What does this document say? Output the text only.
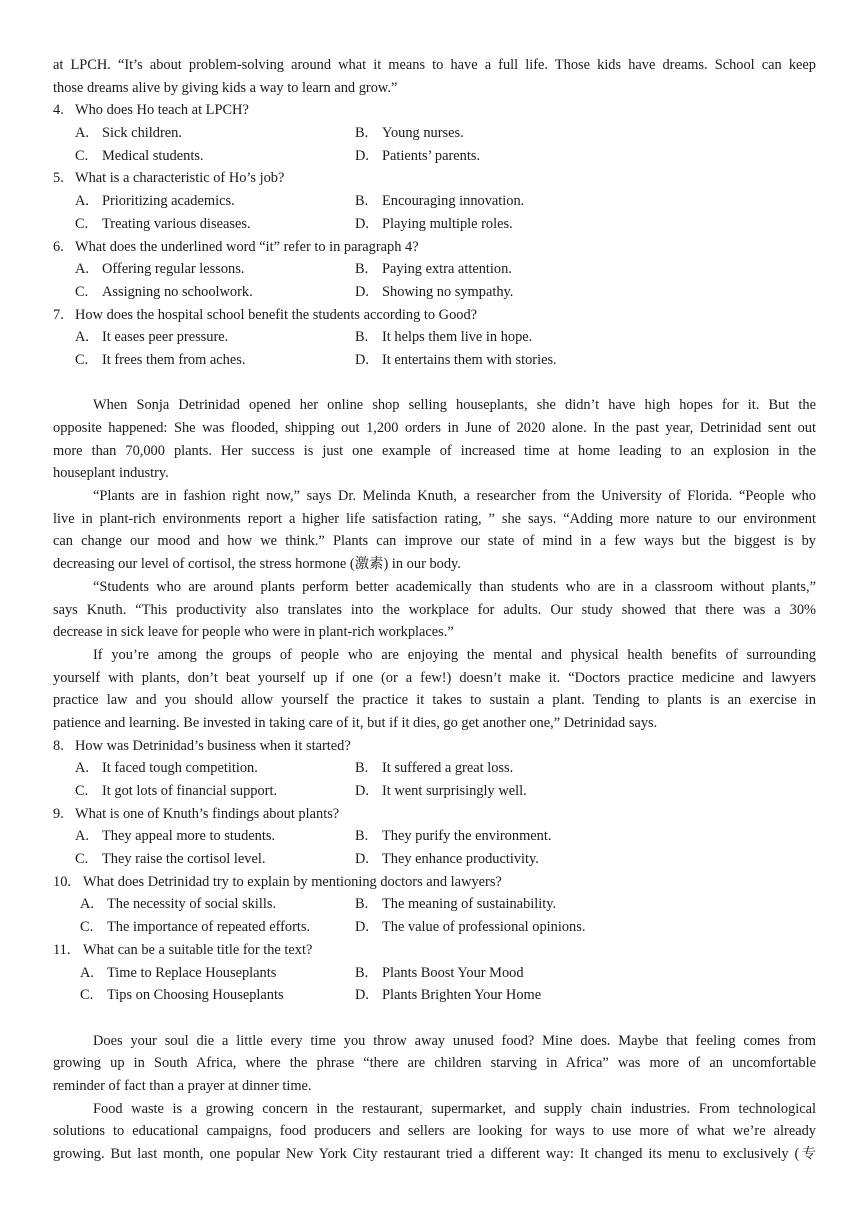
at LPCH. “It’s about problem-solving around what it means to have a full life. Those kids have dreams. School can keep
those dreams alive by giving kids a way to learn and grow.”
4. Who does Ho teach at LPCH?
A. Sick children.	B. Young nurses.
C. Medical students.	D. Patients’ parents.
5. What is a characteristic of Ho’s job?
A. Prioritizing academics.	B. Encouraging innovation.
C. Treating various diseases.	D. Playing multiple roles.
6. What does the underlined word “it” refer to in paragraph 4?
A. Offering regular lessons.	B. Paying extra attention.
C. Assigning no schoolwork.	D. Showing no sympathy.
7. How does the hospital school benefit the students according to Good?
A. It eases peer pressure.	B. It helps them live in hope.
C. It frees them from aches.	D. It entertains them with stories.
When Sonja Detrinidad opened her online shop selling houseplants, she didn’t have high hopes for it. But the
opposite happened: She was flooded, shipping out 1,200 orders in June of 2020 alone. In the past year, Detrinidad sent out
more than 70,000 plants. Her success is just one example of increased time at home leading to an explosion in the
houseplant industry.
“Plants are in fashion right now,” says Dr. Melinda Knuth, a researcher from the University of Florida. “People who
live in plant-rich environments report a higher life satisfaction rating, ” she says. “Adding more nature to our environment
can change our mood and how we think.” Plants can improve our state of mind in a few ways but the biggest is by
decreasing our level of cortisol, the stress hormone (激素) in our body.
“Students who are around plants perform better academically than students who are in a classroom without plants,”
says Knuth. “This productivity also translates into the workplace for adults. Our study showed that there was a 30%
decrease in sick leave for people who were in plant-rich workplaces.”
If you’re among the groups of people who are enjoying the mental and physical health benefits of surrounding
yourself with plants, don’t beat yourself up if one (or a few!) doesn’t make it. “Doctors practice medicine and lawyers
practice law and you should allow yourself the practice it takes to sustain a plant. Tending to plants is an exercise in
patience and learning. Be invested in taking care of it, but if it dies, go get another one,” Detrinidad says.
8. How was Detrinidad’s business when it started?
A. It faced tough competition.	B. It suffered a great loss.
C. It got lots of financial support.	D. It went surprisingly well.
9. What is one of Knuth’s findings about plants?
A. They appeal more to students.	B. They purify the environment.
C. They raise the cortisol level.	D. They enhance productivity.
10. What does Detrinidad try to explain by mentioning doctors and lawyers?
A. The necessity of social skills.	B. The meaning of sustainability.
C. The importance of repeated efforts.	D. The value of professional opinions.
11. What can be a suitable title for the text?
A. Time to Replace Houseplants	B. Plants Boost Your Mood
C. Tips on Choosing Houseplants	D. Plants Brighten Your Home
Does your soul die a little every time you throw away unused food? Mine does. Maybe that feeling comes from
growing up in South Africa, where the phrase “there are children starving in Africa” was more of an uncomfortable
reminder of fact than a prayer at dinner time.
Food waste is a growing concern in the restaurant, supermarket, and supply chain industries. From technological
solutions to educational campaigns, food producers and sellers are looking for ways to use more of what we’re already
growing. But last month, one popular New York City restaurant tried a different way: It changed its menu to exclusively (专
